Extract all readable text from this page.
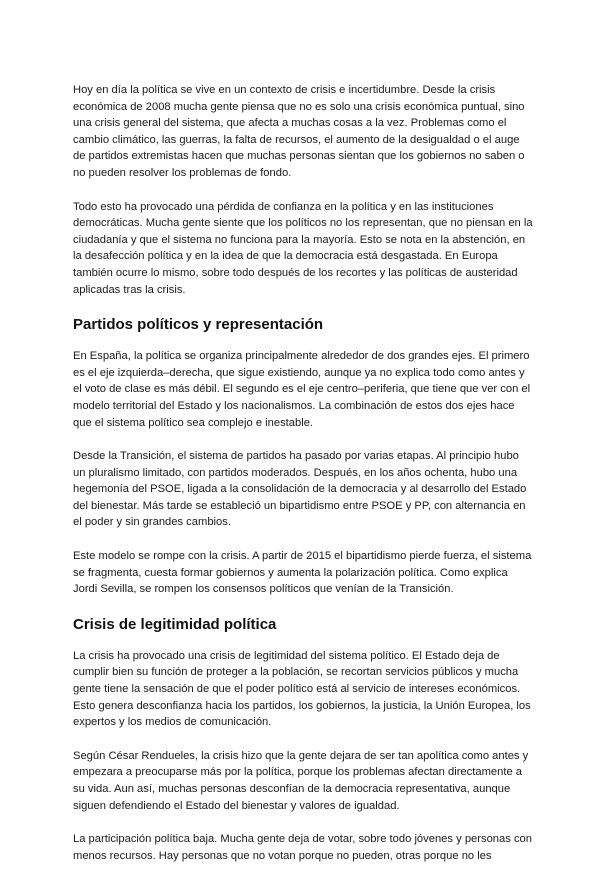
Hoy en día la política se vive en un contexto de crisis e incertidumbre. Desde la crisis económica de 2008 mucha gente piensa que no es solo una crisis económica puntual, sino una crisis general del sistema, que afecta a muchas cosas a la vez. Problemas como el cambio climático, las guerras, la falta de recursos, el aumento de la desigualdad o el auge de partidos extremistas hacen que muchas personas sientan que los gobiernos no saben o no pueden resolver los problemas de fondo.

Todo esto ha provocado una pérdida de confianza en la política y en las instituciones democráticas. Mucha gente siente que los políticos no los representan, que no piensan en la ciudadanía y que el sistema no funciona para la mayoría. Esto se nota en la abstención, en la desafección política y en la idea de que la democracia está desgastada. En Europa también ocurre lo mismo, sobre todo después de los recortes y las políticas de austeridad aplicadas tras la crisis.

Partidos políticos y representación

En España, la política se organiza principalmente alrededor de dos grandes ejes. El primero es el eje izquierda–derecha, que sigue existiendo, aunque ya no explica todo como antes y el voto de clase es más débil. El segundo es el eje centro–periferia, que tiene que ver con el modelo territorial del Estado y los nacionalismos. La combinación de estos dos ejes hace que el sistema político sea complejo e inestable.

Desde la Transición, el sistema de partidos ha pasado por varias etapas. Al principio hubo un pluralismo limitado, con partidos moderados. Después, en los años ochenta, hubo una hegemonía del PSOE, ligada a la consolidación de la democracia y al desarrollo del Estado del bienestar. Más tarde se estableció un bipartidismo entre PSOE y PP, con alternancia en el poder y sin grandes cambios.

Este modelo se rompe con la crisis. A partir de 2015 el bipartidismo pierde fuerza, el sistema se fragmenta, cuesta formar gobiernos y aumenta la polarización política. Como explica Jordi Sevilla, se rompen los consensos políticos que venían de la Transición.

Crisis de legitimidad política

La crisis ha provocado una crisis de legitimidad del sistema político. El Estado deja de cumplir bien su función de proteger a la población, se recortan servicios públicos y mucha gente tiene la sensación de que el poder político está al servicio de intereses económicos. Esto genera desconfianza hacia los partidos, los gobiernos, la justicia, la Unión Europea, los expertos y los medios de comunicación.

Según César Rendueles, la crisis hizo que la gente dejara de ser tan apolítica como antes y empezara a preocuparse más por la política, porque los problemas afectan directamente a su vida. Aun así, muchas personas desconfían de la democracia representativa, aunque siguen defendiendo el Estado del bienestar y valores de igualdad.

La participación política baja. Mucha gente deja de votar, sobre todo jóvenes y personas con menos recursos. Hay personas que no votan porque no pueden, otras porque no les
